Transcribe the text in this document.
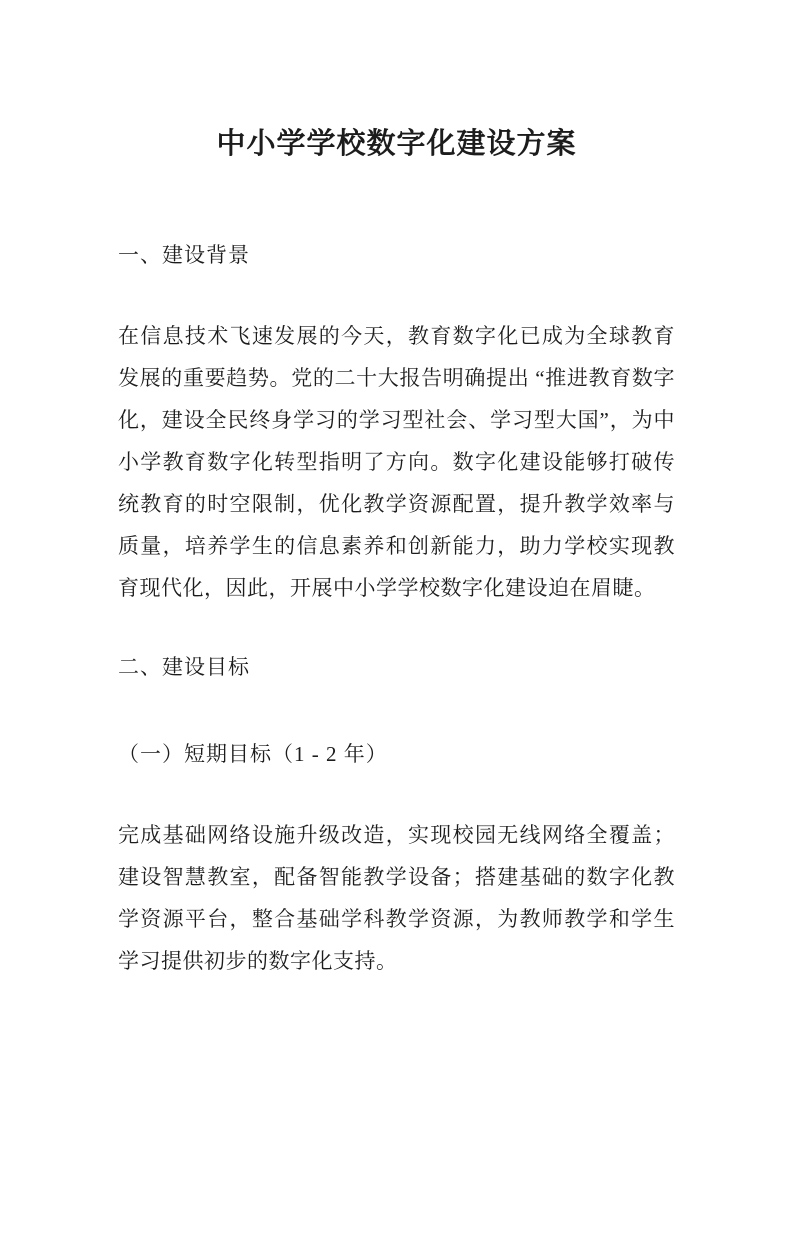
中小学学校数字化建设方案
一、建设背景

在信息技术飞速发展的今天，教育数字化已成为全球教育发展的重要趋势。党的二十大报告明确提出 “推进教育数字化，建设全民终身学习的学习型社会、学习型大国”，为中小学教育数字化转型指明了方向。数字化建设能够打破传统教育的时空限制，优化教学资源配置，提升教学效率与质量，培养学生的信息素养和创新能力，助力学校实现教育现代化，因此，开展中小学学校数字化建设迫在眉睫。

二、建设目标
（一）短期目标（1 - 2 年）

完成基础网络设施升级改造，实现校园无线网络全覆盖；建设智慧教室，配备智能教学设备；搭建基础的数字化教学资源平台，整合基础学科教学资源，为教师教学和学生学习提供初步的数字化支持。
